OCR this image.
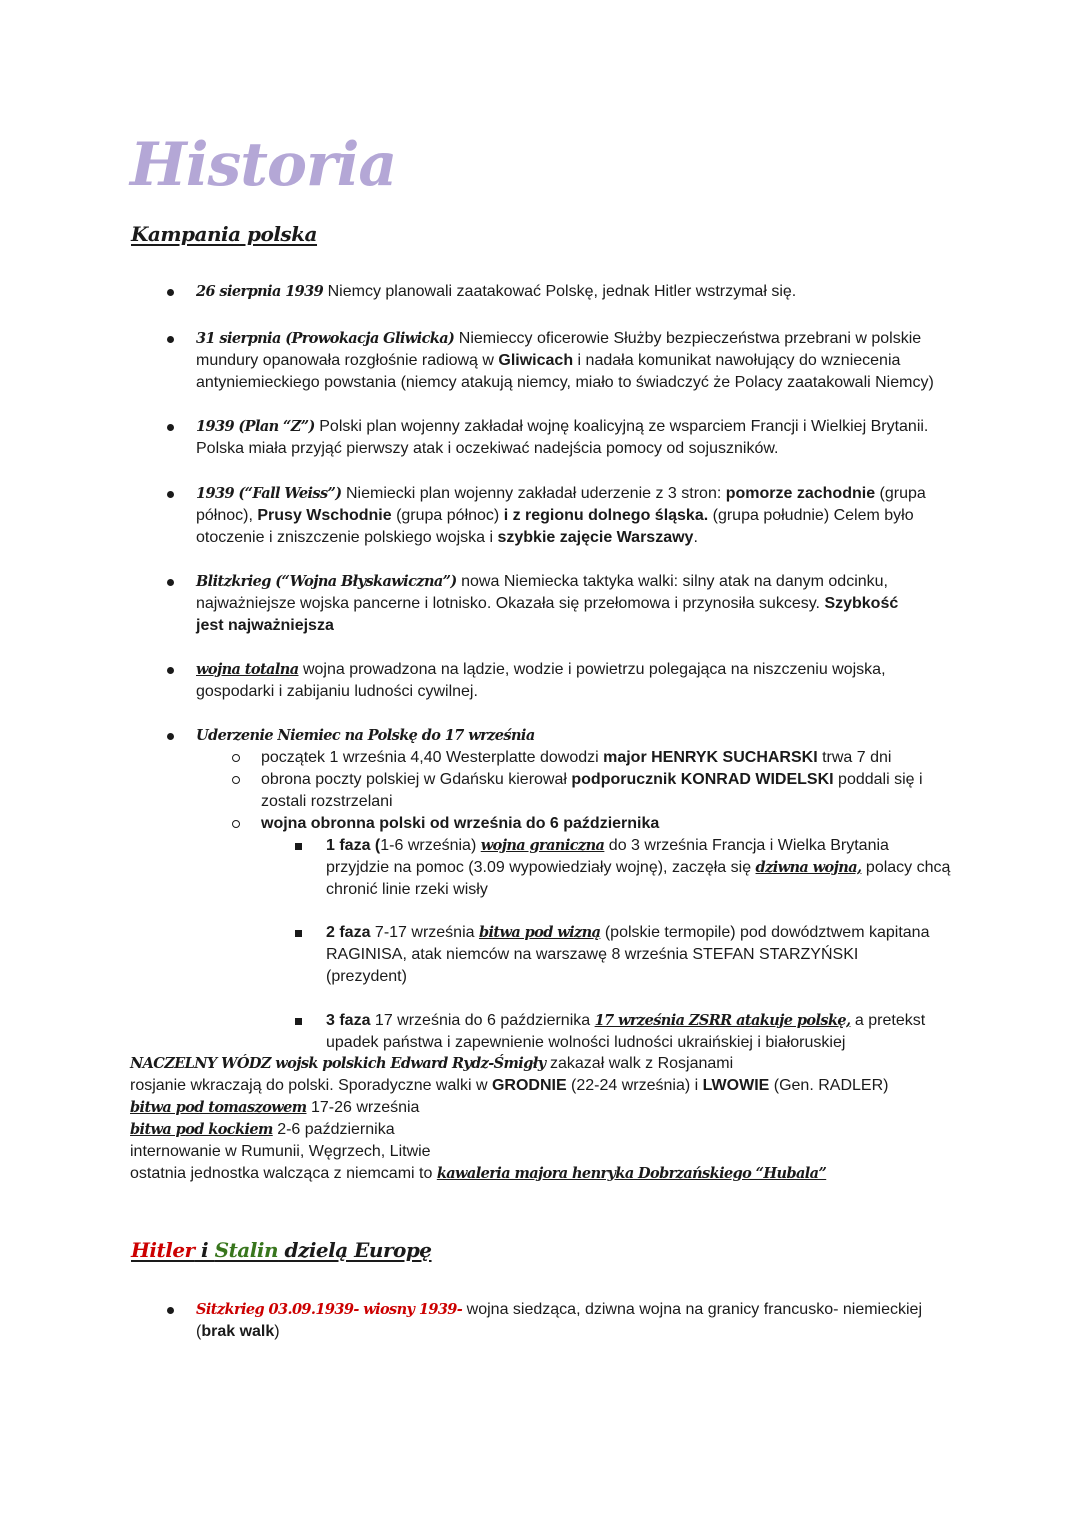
Historia
Kampania polska
26 sierpnia 1939 Niemcy planowali zaatakować Polskę, jednak Hitler wstrzymał się.
31 sierpnia (Prowokacja Gliwicka) Niemieccy oficerowie Służby bezpieczeństwa przebrani w polskie mundury opanowała rozgłośnie radiową w Gliwicach i nadała komunikat nawołujący do wzniecenia antyniemieckiego powstania (niemcy atakują niemcy, miało to świadczyć że Polacy zaatakowali Niemcy)
1939 (Plan “Z”) Polski plan wojenny zakładał wojnę koalicyjną ze wsparciem Francji i Wielkiej Brytanii. Polska miała przyjąć pierwszy atak i oczekiwać nadejścia pomocy od sojuszników.
1939 (“Fall Weiss”) Niemiecki plan wojenny zakładał uderzenie z 3 stron: pomorze zachodnie (grupa północ), Prusy Wschodnie (grupa północ) i z regionu dolnego śląska. (grupa południe) Celem było otoczenie i zniszczenie polskiego wojska i szybkie zajęcie Warszawy.
Blitzkrieg (“Wojna Błyskawiczna”) nowa Niemiecka taktyka walki: silny atak na danym odcinku, najważniejsze wojska pancerne i lotnisko. Okazała się przełomowa i przynosiła sukcesy. Szybkość jest najważniejsza
wojna totalna wojna prowadzona na lądzie, wodzie i powietrzu polegająca na niszczeniu wojska, gospodarki i zabijaniu ludności cywilnej.
Uderzenie Niemiec na Polskę do 17 września
początek 1 września 4,40 Westerplatte dowodzi major HENRYK SUCHARSKI trwa 7 dni
obrona poczty polskiej w Gdańsku kierował podporucznik KONRAD WIDELSKI poddali się i zostali rozstrzelani
wojna obronna polski od września do 6 października
1 faza (1-6 września) wojna graniczna do 3 września Francja i Wielka Brytania przyjdzie na pomoc (3.09 wypowiedziały wojnę), zaczęła się dziwna wojna, polacy chcą chronić linie rzeki wisły
2 faza 7-17 września bitwa pod wizną (polskie termopile) pod dowództwem kapitana RAGINISA, atak niemców na warszawę 8 września STEFAN STARZYŃSKI (prezydent)
3 faza 17 września do 6 października 17 września ZSRR atakuje polskę, a pretekst upadek państwa i zapewnienie wolności ludności ukraińskiej i białoruskiej
NACZELNY WÓDZ wojsk polskich Edward Rydz-Śmigły zakazał walk z Rosjanami
rosjanie wkraczają do polski. Sporadyczne walki w GRODNIE (22-24 września) i LWOWIE (Gen. RADLER)
bitwa pod tomaszowem 17-26 września
bitwa pod kockiem 2-6 października
internowanie w Rumunii, Węgrzech, Litwie
ostatnia jednostka walcząca z niemcami to kawaleria majora henryka Dobrzańskiego “Hubala”
Hitler i Stalin dzielą Europę
Sitzkrieg 03.09.1939- wiosny 1939- wojna siedząca, dziwna wojna na granicy francusko- niemieckiej (brak walk)
